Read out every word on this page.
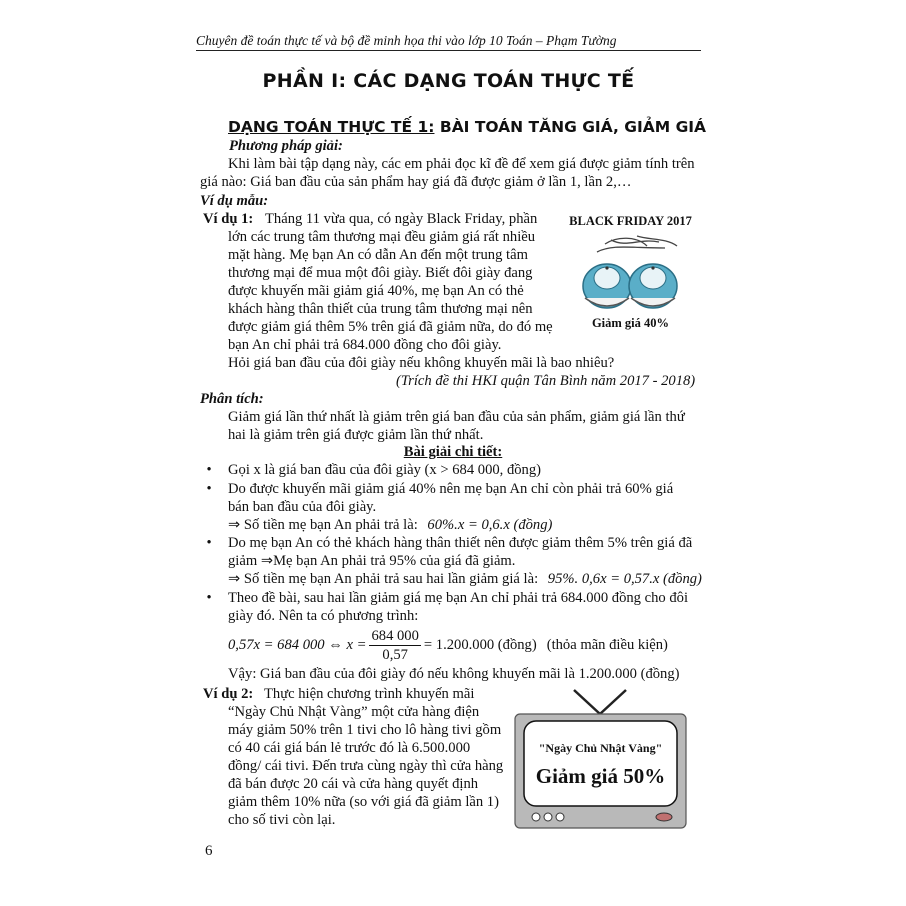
Chuyên đề toán thực tế và bộ đề minh họa thi vào lớp 10 Toán – Phạm Tường
PHẦN I: CÁC DẠNG TOÁN THỰC TẾ
DẠNG TOÁN THỰC TẾ 1: BÀI TOÁN TĂNG GIÁ, GIẢM GIÁ
Phương pháp giải:
Khi làm bài tập dạng này, các em phải đọc kĩ đề để xem giá được giảm tính trên
giá nào: Giá ban đầu của sản phẩm hay giá đã được giảm ở lần 1, lần 2,…
Ví dụ mẫu:
Ví dụ 1: Tháng 11 vừa qua, có ngày Black Friday, phần
lớn các trung tâm thương mại đều giảm giá rất nhiều
mặt hàng. Mẹ bạn An có dẫn An đến một trung tâm
thương mại để mua một đôi giày. Biết đôi giày đang
được khuyến mãi giảm giá 40%, mẹ bạn An có thẻ
khách hàng thân thiết của trung tâm thương mại nên
được giảm giá thêm 5% trên giá đã giảm nữa, do đó mẹ
bạn An chỉ phải trả 684.000 đồng cho đôi giày.
Hỏi giá ban đầu của đôi giày nếu không khuyến mãi là bao nhiêu?
(Trích đề thi HKI quận Tân Bình năm 2017 - 2018)
BLACK FRIDAY 2017
Giảm giá 40%
Phân tích:
Giảm giá lần thứ nhất là giảm trên giá ban đầu của sản phẩm, giảm giá lần thứ
hai là giảm trên giá được giảm lần thứ nhất.
Bài giải chi tiết:
• Gọi x là giá ban đầu của đôi giày (x > 684 000, đồng)
• Do được khuyến mãi giảm giá 40% nên mẹ bạn An chỉ còn phải trả 60% giá
bán ban đầu của đôi giày.
⇒ Số tiền mẹ bạn An phải trả là: 60%.x = 0,6.x (đồng)
• Do mẹ bạn An có thẻ khách hàng thân thiết nên được giảm thêm 5% trên giá đã
giảm ⇒Mẹ bạn An phải trả 95% của giá đã giảm.
⇒ Số tiền mẹ bạn An phải trả sau hai lần giảm giá là: 95%. 0,6x = 0,57.x (đồng)
• Theo đề bài, sau hai lần giảm giá mẹ bạn An chỉ phải trả 684.000 đồng cho đôi
giày đó. Nên ta có phương trình:
0,57x = 684 000 ⇔ $x = \frac{684 000}{0,57} = 1.200.000$ (đồng) (thỏa mãn điều kiện)
Vậy: Giá ban đầu của đôi giày đó nếu không khuyến mãi là 1.200.000 (đồng)
Ví dụ 2: Thực hiện chương trình khuyến mãi
“Ngày Chủ Nhật Vàng” một cửa hàng điện
máy giảm 50% trên 1 tivi cho lô hàng tivi gồm
có 40 cái giá bán lẻ trước đó là 6.500.000
đồng/ cái tivi. Đến trưa cùng ngày thì cửa hàng
đã bán được 20 cái và cửa hàng quyết định
giảm thêm 10% nữa (so với giá đã giảm lần 1)
cho số tivi còn lại.
"Ngày Chủ Nhật Vàng"
Giảm giá 50%
6
